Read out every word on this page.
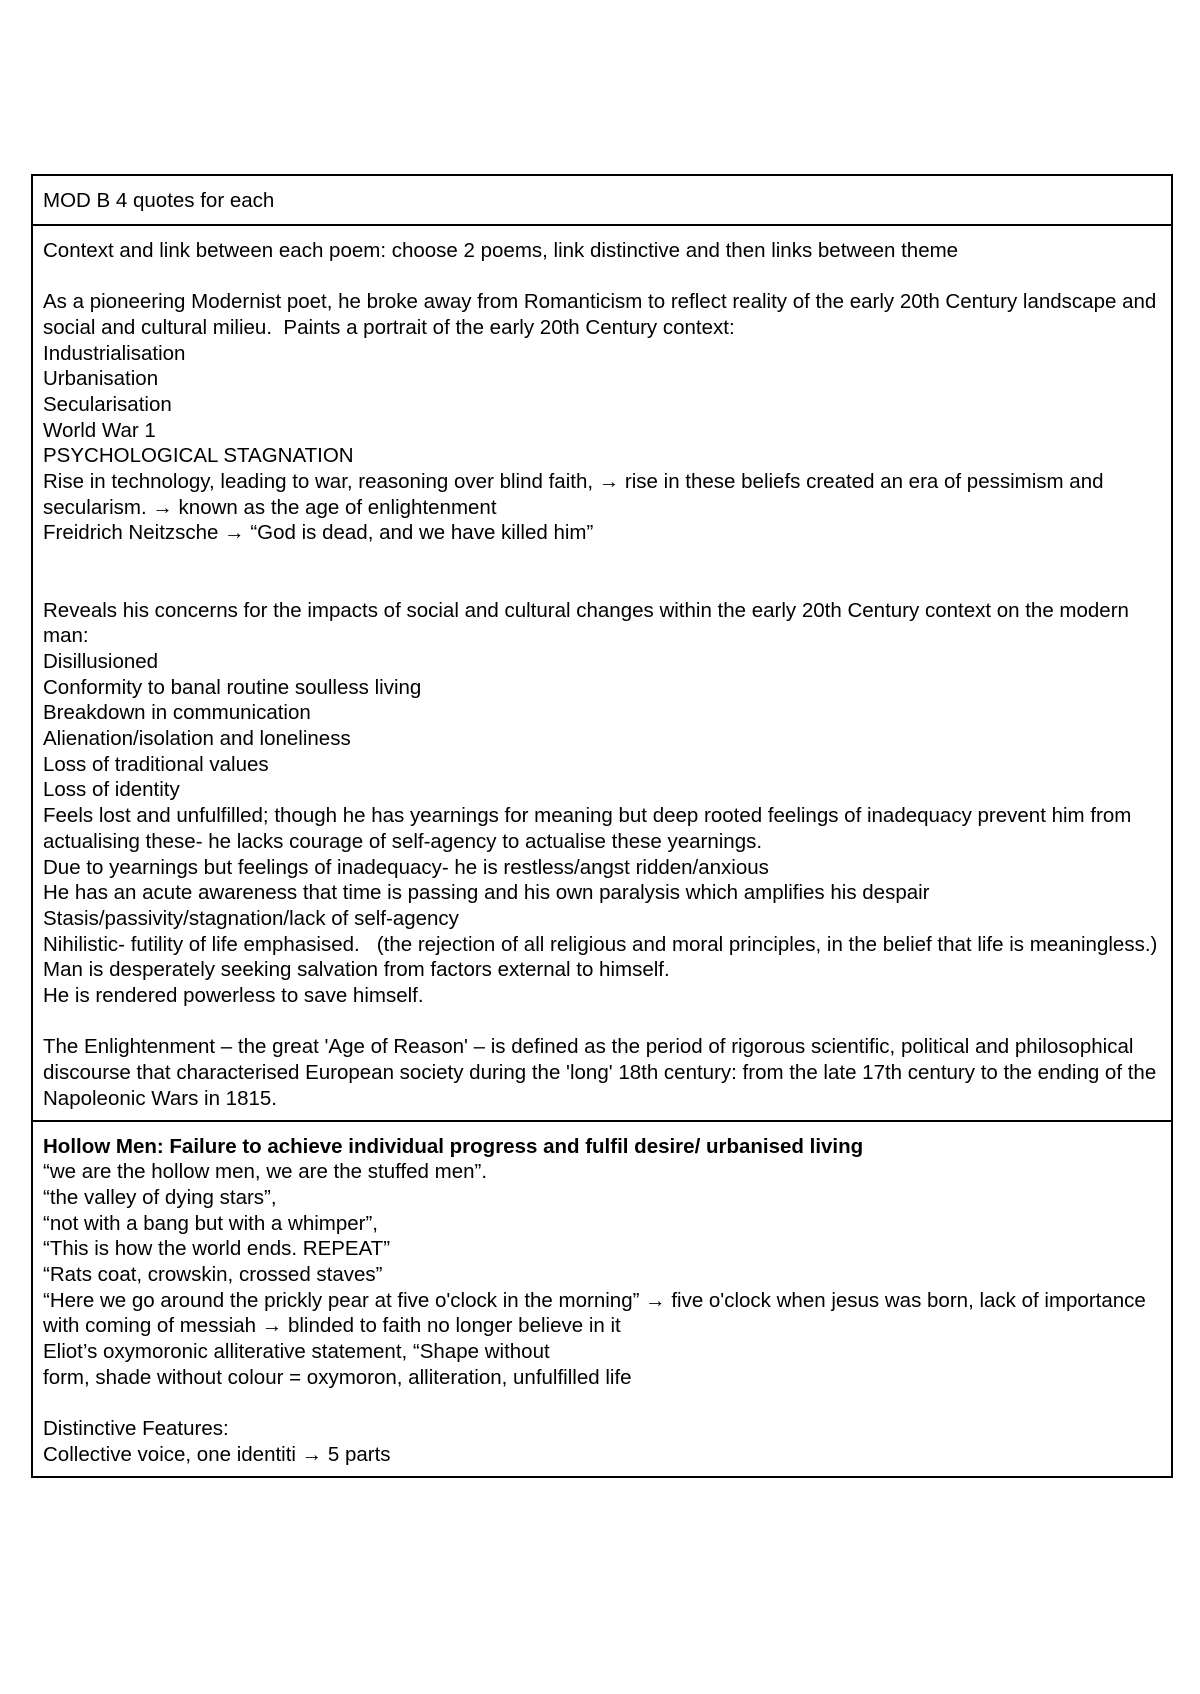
MOD B 4 quotes for each
Context and link between each poem: choose 2 poems, link distinctive and then links between theme
As a pioneering Modernist poet, he broke away from Romanticism to reflect reality of the early 20th Century landscape and social and cultural milieu.  Paints a portrait of the early 20th Century context:
Industrialisation
Urbanisation
Secularisation
World War 1
PSYCHOLOGICAL STAGNATION
Rise in technology, leading to war, reasoning over blind faith, → rise in these beliefs created an era of pessimism and secularism. → known as the age of enlightenment
Freidrich Neitzsche → “God is dead, and we have killed him”
Reveals his concerns for the impacts of social and cultural changes within the early 20th Century context on the modern man:
Disillusioned
Conformity to banal routine soulless living
Breakdown in communication
Alienation/isolation and loneliness
Loss of traditional values
Loss of identity
Feels lost and unfulfilled; though he has yearnings for meaning but deep rooted feelings of inadequacy prevent him from actualising these- he lacks courage of self-agency to actualise these yearnings.
Due to yearnings but feelings of inadequacy- he is restless/angst ridden/anxious
He has an acute awareness that time is passing and his own paralysis which amplifies his despair
Stasis/passivity/stagnation/lack of self-agency
Nihilistic- futility of life emphasised.   (the rejection of all religious and moral principles, in the belief that life is meaningless.)
Man is desperately seeking salvation from factors external to himself.
He is rendered powerless to save himself.
The Enlightenment – the great 'Age of Reason' – is defined as the period of rigorous scientific, political and philosophical discourse that characterised European society during the 'long' 18th century: from the late 17th century to the ending of the Napoleonic Wars in 1815.
Hollow Men: Failure to achieve individual progress and fulfil desire/ urbanised living
“we are the hollow men, we are the stuffed men”.
“the valley of dying stars”,
“not with a bang but with a whimper”,
“This is how the world ends. REPEAT”
“Rats coat, crowskin, crossed staves”
“Here we go around the prickly pear at five o'clock in the morning” → five o'clock when jesus was born, lack of importance with coming of messiah → blinded to faith no longer believe in it
Eliot’s oxymoronic alliterative statement, “Shape without
form, shade without colour = oxymoron, alliteration, unfulfilled life
Distinctive Features:
Collective voice, one identiti → 5 parts
